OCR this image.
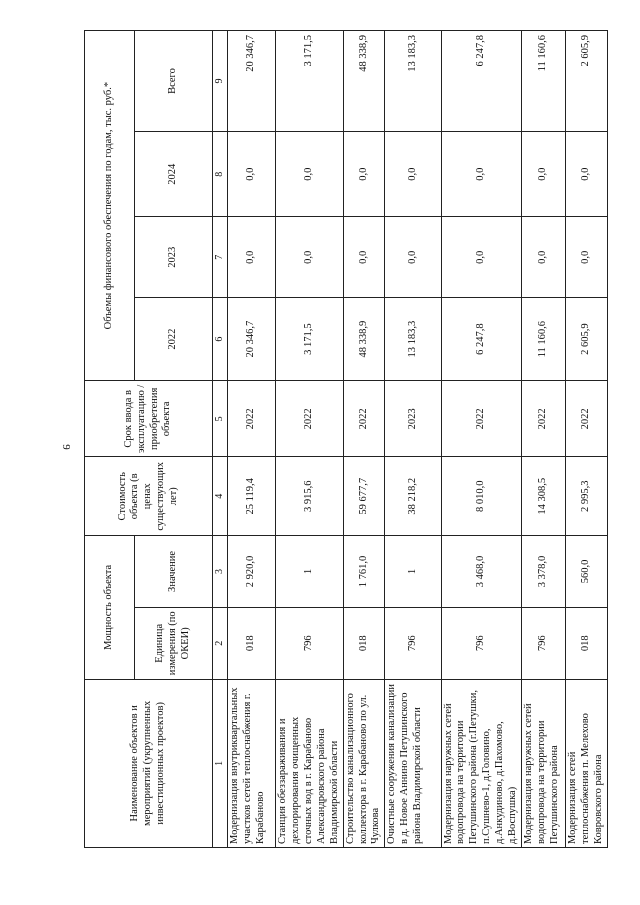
9
Наименование объектов и мероприятий (укрупненных инвестиционных проектов)	Мощность объекта		Стоимость объекта (в ценах существующих лет)	Срок ввода в эксплуатацию / приобретения объекта	Объемы финансового обеспечения по годам, тыс. руб.*			
	Единица измерения (по ОКЕИ)	Значение			2022	2023	2024	Всего
1	2	3	4	5	6	7	8	9
Модернизация внутриквартальных участков сетей теплоснабжения г. Карабаново	018	2 920,0	25 119,4	2022	20 346,7	0,0	0,0	20 346,7
Станция обеззараживания и дехлорирования очищенных сточных вод в г. Карабаново Александровского района Владимирской области	796	1	3 915,6	2022	3 171,5	0,0	0,0	3 171,5
Строительство канализационного коллектора в г. Карабаново по ул. Чулкова	018	1 761,0	59 677,7	2022	48 338,9	0,0	0,0	48 338,9
Очистные сооружения канализации в д. Новое Аннино Петушинского района Владимирской области	796	1	38 218,2	2023	13 183,3	0,0	0,0	13 183,3
Модернизация наружных сетей водопровода на территории Петушинского района (г.Петушки, п.Сушнево-1, д.Головино, д.Анкудиново, д.Пахомово, д.Воспушка)	796	3 468,0	8 010,0	2022	6 247,8	0,0	0,0	6 247,8
Модернизация наружных сетей водопровода на территории Петушинского района	796	3 378,0	14 308,5	2022	11 160,6	0,0	0,0	11 160,6
Модернизация сетей теплоснабжения п. Мелехово Ковровского района	018	560,0	2 995,3	2022	2 605,9	0,0	0,0	2 605,9
